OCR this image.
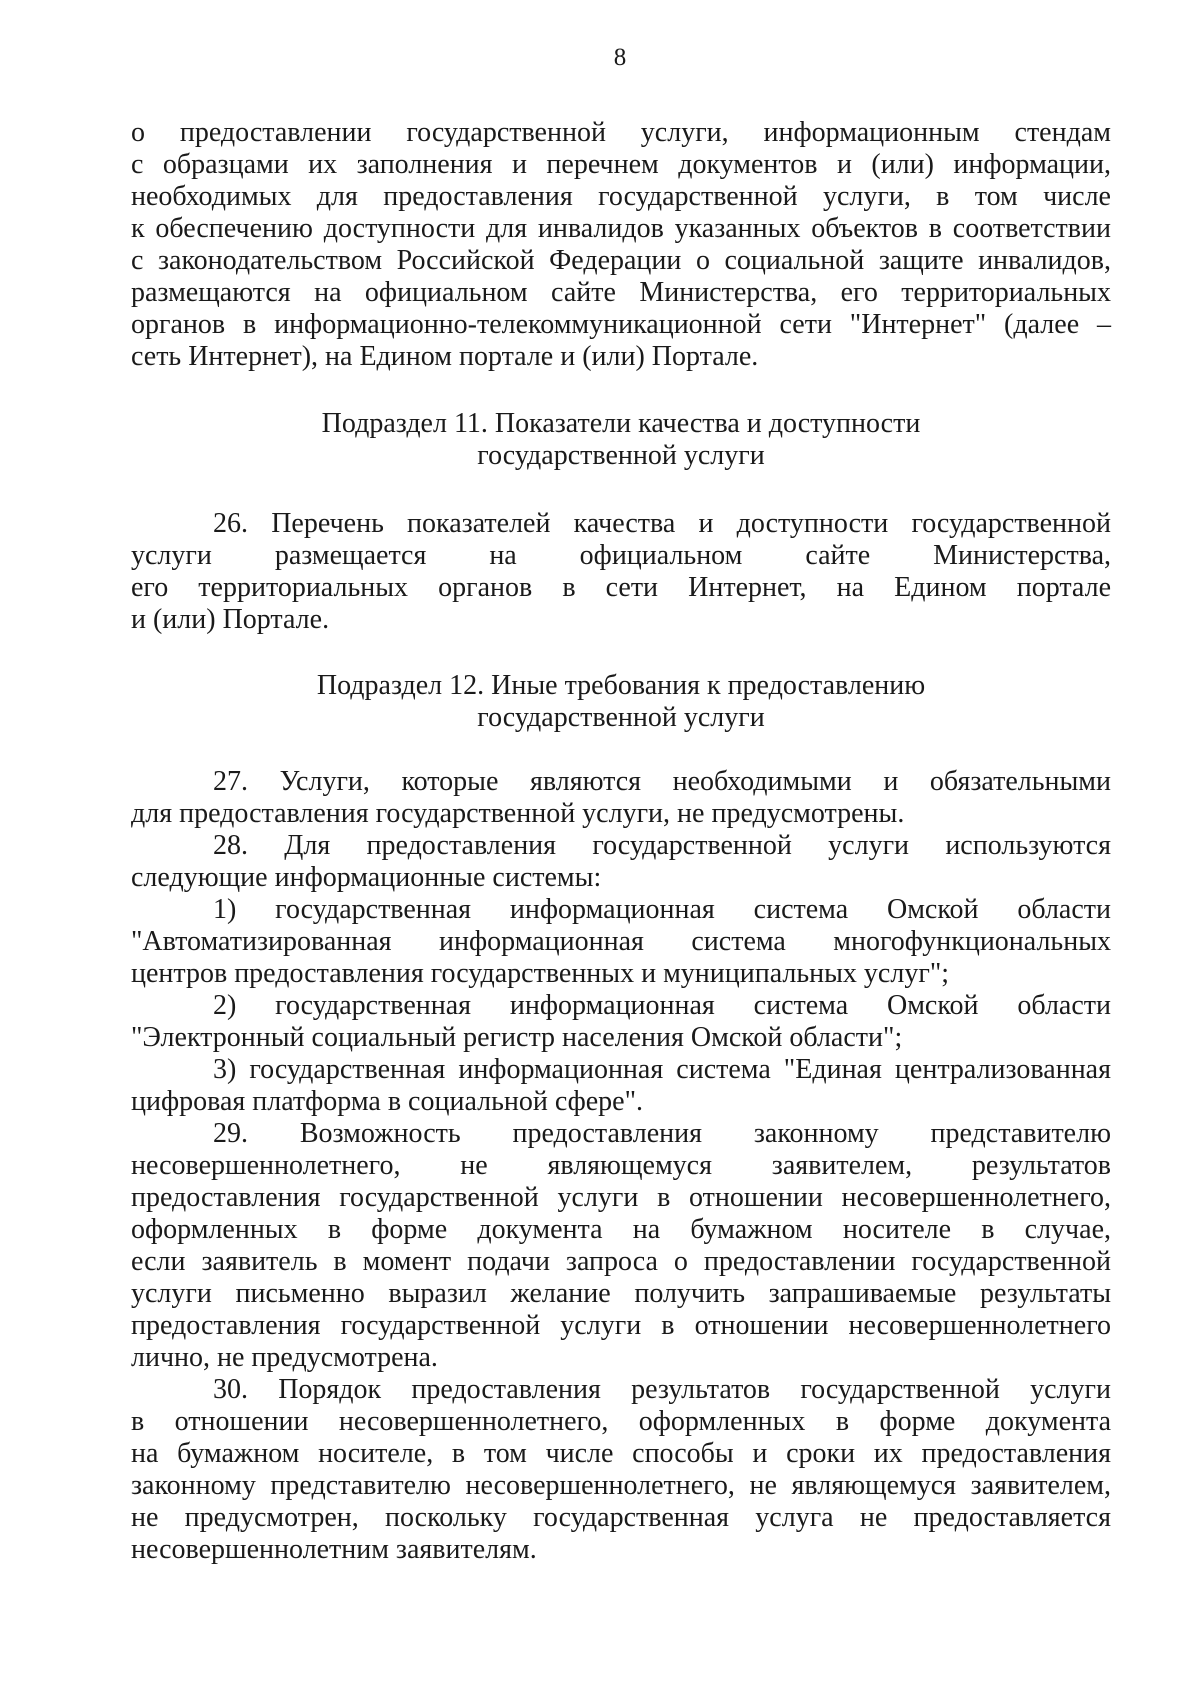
8
о предоставлении государственной услуги, информационным стендам
с образцами их заполнения и перечнем документов и (или) информации,
необходимых для предоставления государственной услуги, в том числе
к обеспечению доступности для инвалидов указанных объектов в соответствии
с законодательством Российской Федерации о социальной защите инвалидов,
размещаются на официальном сайте Министерства, его территориальных
органов в информационно-телекоммуникационной сети "Интернет" (далее –
сеть Интернет), на Едином портале и (или) Портале.
Подраздел 11. Показатели качества и доступности
государственной услуги
26. Перечень показателей качества и доступности государственной
услуги размещается на официальном сайте Министерства,
его территориальных органов в сети Интернет, на Едином портале
и (или) Портале.
Подраздел 12. Иные требования к предоставлению
государственной услуги
27. Услуги, которые являются необходимыми и обязательными
для предоставления государственной услуги, не предусмотрены.
28. Для предоставления государственной услуги используются
следующие информационные системы:
1) государственная информационная система Омской области
"Автоматизированная информационная система многофункциональных
центров предоставления государственных и муниципальных услуг";
2) государственная информационная система Омской области
"Электронный социальный регистр населения Омской области";
3) государственная информационная система "Единая централизованная
цифровая платформа в социальной сфере".
29. Возможность предоставления законному представителю
несовершеннолетнего, не являющемуся заявителем, результатов
предоставления государственной услуги в отношении несовершеннолетнего,
оформленных в форме документа на бумажном носителе в случае,
если заявитель в момент подачи запроса о предоставлении государственной
услуги письменно выразил желание получить запрашиваемые результаты
предоставления государственной услуги в отношении несовершеннолетнего
лично, не предусмотрена.
30. Порядок предоставления результатов государственной услуги
в отношении несовершеннолетнего, оформленных в форме документа
на бумажном носителе, в том числе способы и сроки их предоставления
законному представителю несовершеннолетнего, не являющемуся заявителем,
не предусмотрен, поскольку государственная услуга не предоставляется
несовершеннолетним заявителям.
